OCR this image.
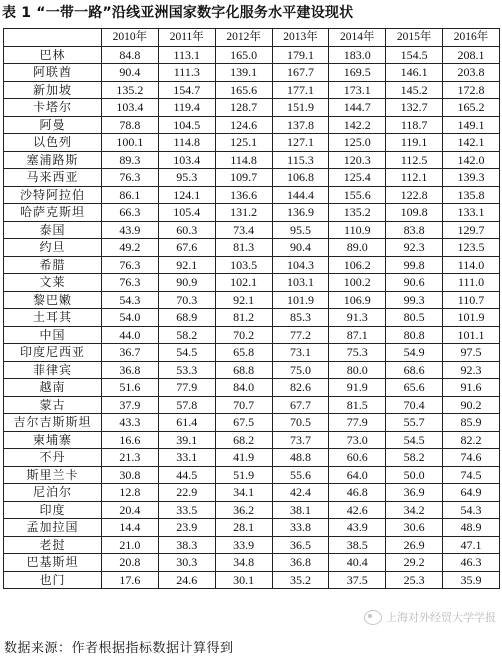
表 1 “一带一路”沿线亚洲国家数字化服务水平建设现状
	2010年	2011年	2012年	2013年	2014年	2015年	2016年
巴林	84.8	113.1	165.0	179.1	183.0	154.5	208.1
阿联酋	90.4	111.3	139.1	167.7	169.5	146.1	203.8
新加坡	135.2	154.7	165.6	177.1	173.1	145.2	172.8
卡塔尔	103.4	119.4	128.7	151.9	144.7	132.7	165.2
阿曼	78.8	104.5	124.6	137.8	142.2	118.7	149.1
以色列	100.1	114.8	125.1	127.1	125.0	119.1	142.1
塞浦路斯	89.3	103.4	114.8	115.3	120.3	112.5	142.0
马来西亚	76.3	95.3	109.7	106.8	125.4	112.1	139.3
沙特阿拉伯	86.1	124.1	136.6	144.4	155.6	122.8	135.8
哈萨克斯坦	66.3	105.4	131.2	136.9	135.2	109.8	133.1
泰国	43.9	60.3	73.4	95.5	110.9	83.8	129.7
约旦	49.2	67.6	81.3	90.4	89.0	92.3	123.5
希腊	76.3	92.1	103.5	104.3	106.2	99.8	114.0
文莱	76.3	90.9	102.1	103.1	100.2	90.6	111.0
黎巴嫩	54.3	70.3	92.1	101.9	106.9	99.3	110.7
土耳其	54.0	68.9	81.2	85.3	91.3	80.5	101.9
中国	44.0	58.2	70.2	77.2	87.1	80.8	101.1
印度尼西亚	36.7	54.5	65.8	73.1	75.3	54.9	97.5
菲律宾	36.8	53.3	68.8	75.0	80.0	68.6	92.3
越南	51.6	77.9	84.0	82.6	91.9	65.6	91.6
蒙古	37.9	57.8	70.7	67.7	81.5	70.4	90.2
吉尔吉斯斯坦	43.3	61.4	67.5	70.5	77.9	55.7	85.9
柬埔寨	16.6	39.1	68.2	73.7	73.0	54.5	82.2
不丹	21.3	33.1	41.9	48.8	60.6	58.2	74.6
斯里兰卡	30.8	44.5	51.9	55.6	64.0	50.0	74.5
尼泊尔	12.8	22.9	34.1	42.4	46.8	36.9	64.9
印度	20.4	33.5	36.2	38.1	42.6	34.2	54.3
孟加拉国	14.4	23.9	28.1	33.8	43.9	30.6	48.9
老挝	21.0	38.3	33.9	36.5	38.5	26.9	47.1
巴基斯坦	20.8	30.3	34.8	36.8	40.4	29.2	46.3
也门	17.6	24.6	30.1	35.2	37.5	25.3	35.9
上海对外经贸大学学报
数据来源：作者根据指标数据计算得到
